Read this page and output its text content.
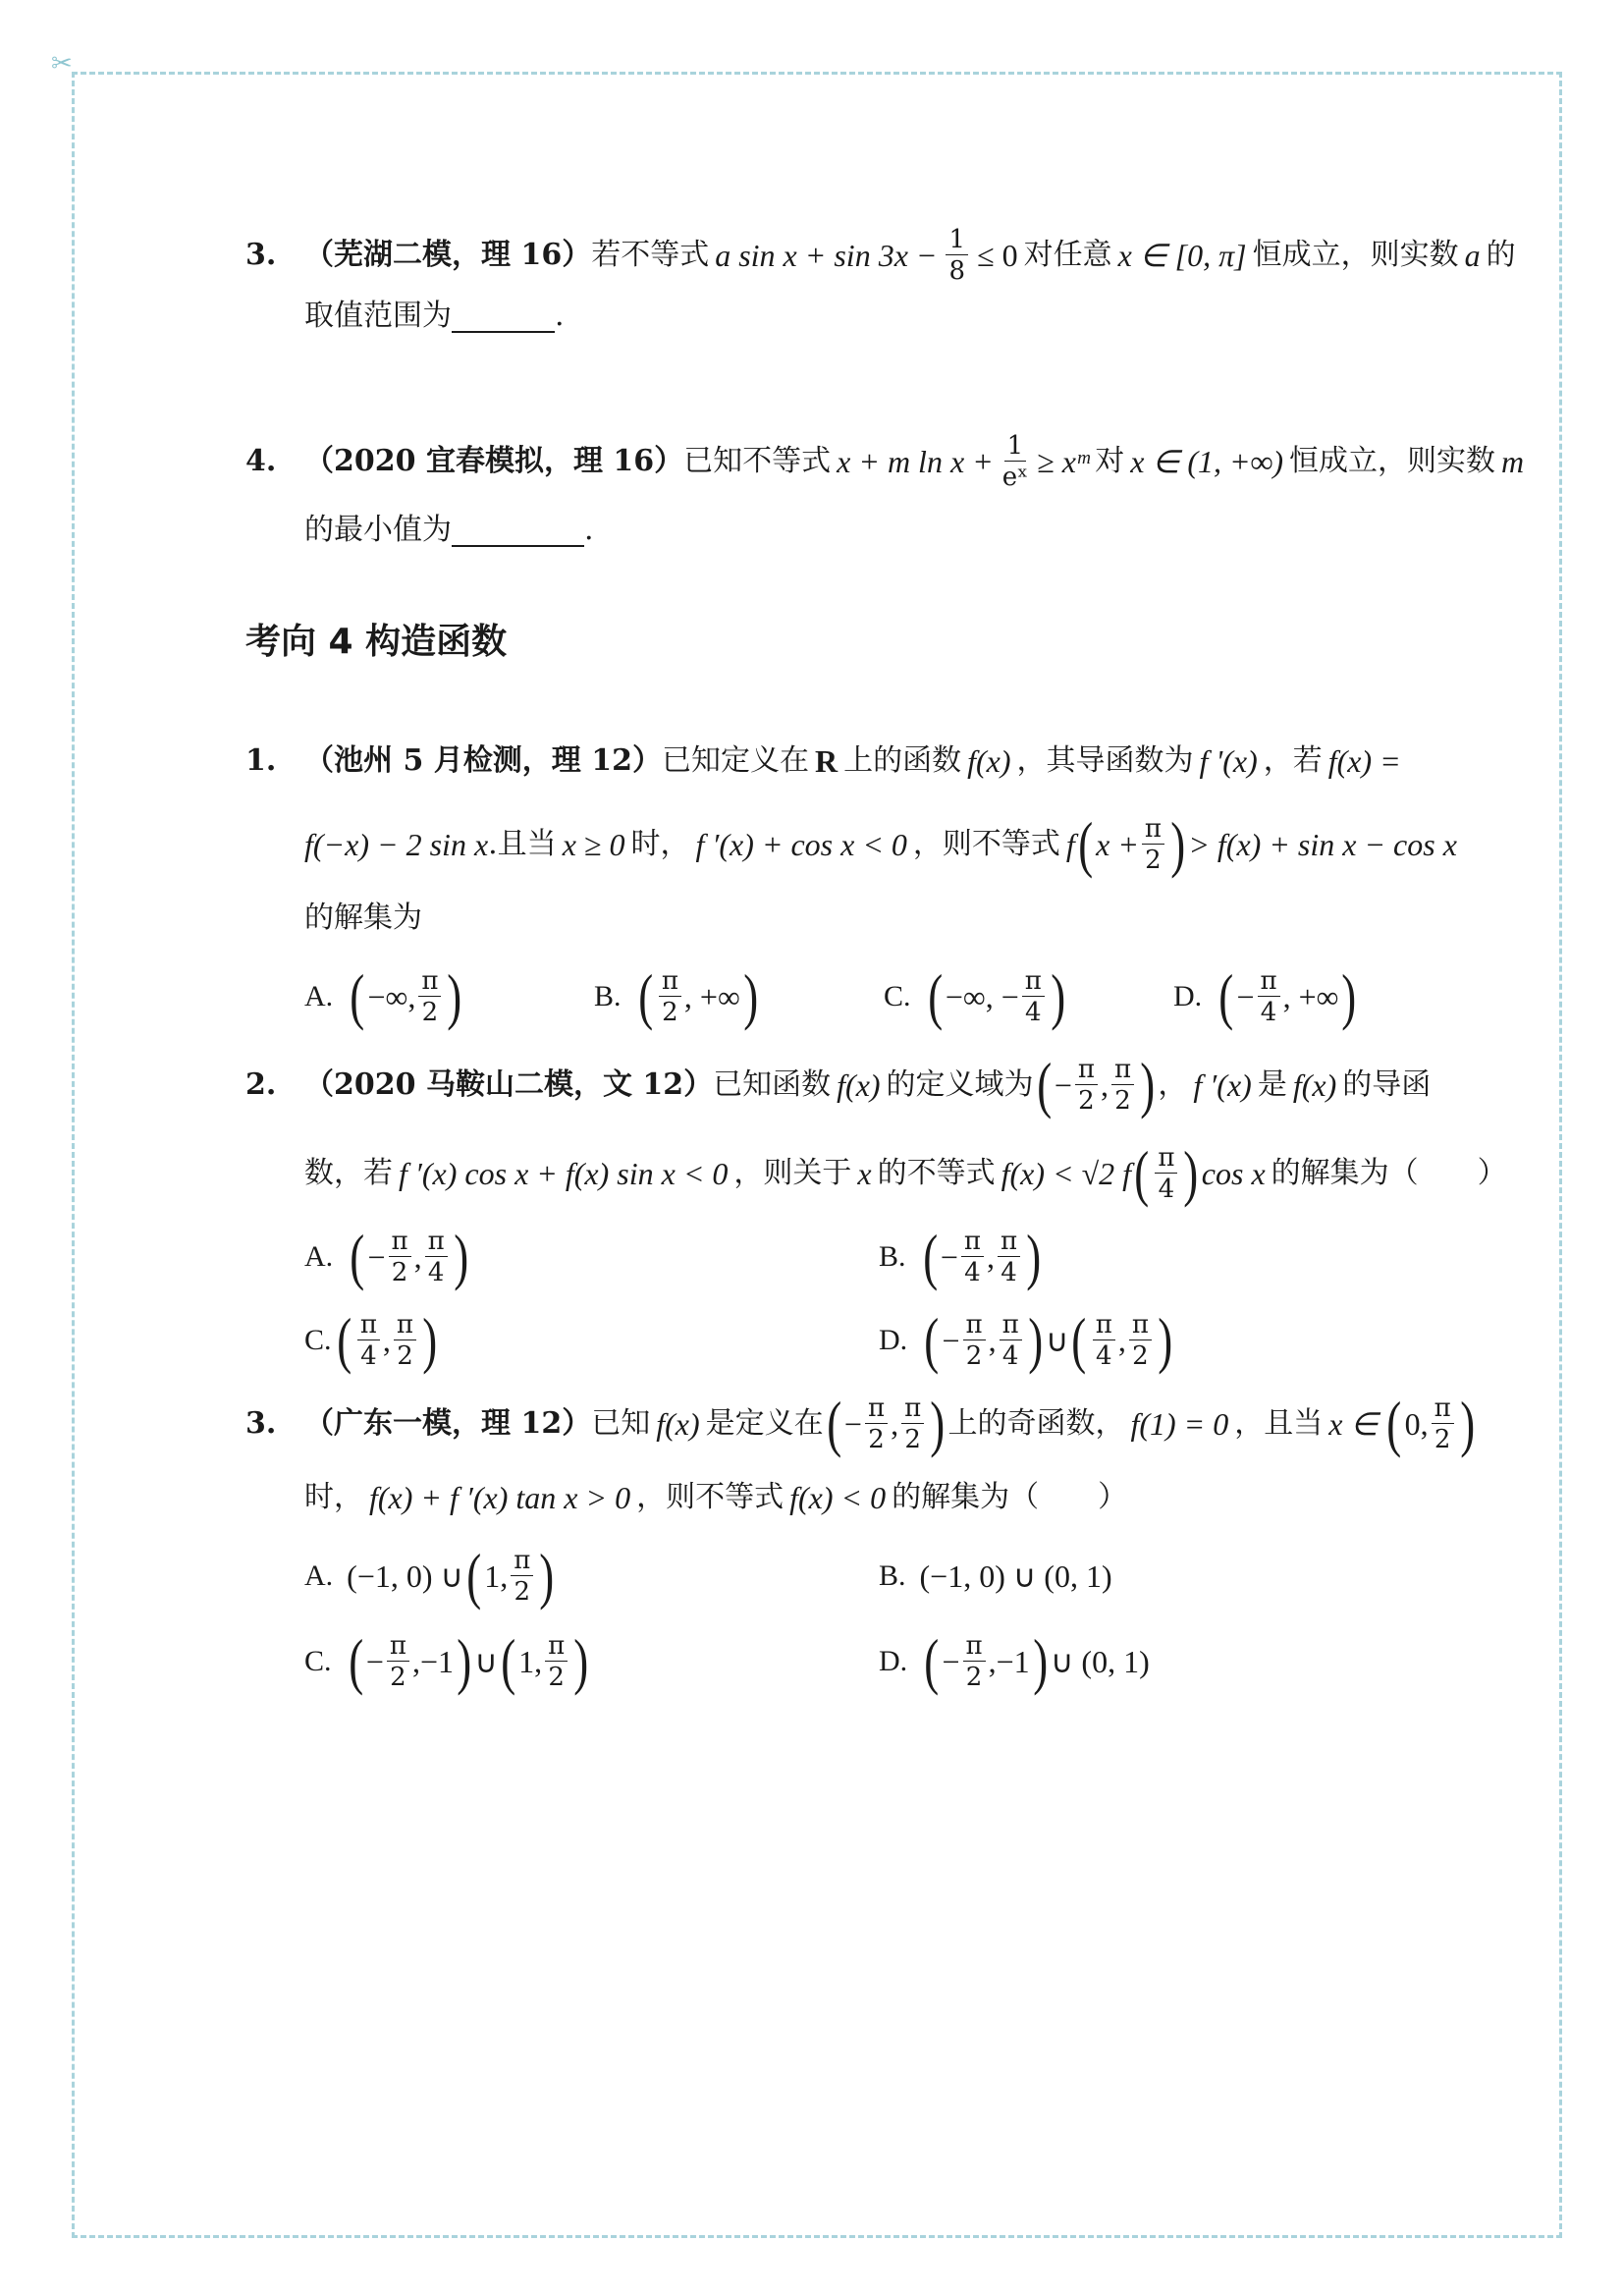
✂
3. （芜湖二模，理 16） 若不等式 a $\sin x + \sin 3x - \frac{1}{8} \le 0$ 对任意 x ∈ [0, π] 恒成立，则实数 a 的
取值范围为	.
4. （2020 宜春模拟，理 16） 已知不等式 x + m $\ln x + \frac{1}{\text{eˣ}}$ ≥ xᵐ 对 x ∈ (1, +∞) 恒成立，则实数 m
的最小值为	.
考向 4 构造函数
1. （池州 5 月检测，理 12） 已知定义在 R 上的函数 f(x) ，其导函数为 f '(x) ，若 f(x) =
f(−x) − 2 sin x .且当 x ≥ 0 时， f ′(x) + cos x < 0 ，则不等式 f ( $x + \frac{\pi}{2}$ ) > f(x) + sin x − cos x
的解集为
A. ( −∞, $\frac{\pi}{2}$ )	B. ( $\frac{\pi}{2}$ , +∞ )	C. ( −∞, − $\frac{\pi}{4}$ )	D. ( − $\frac{\pi}{4}$ , +∞ )
2. （2020 马鞍山二模，文 12） 已知函数 f(x) 的定义域为 ( − $\frac{\pi}{2}$ , $\frac{\pi}{2}$ ) ， f ′(x) 是 f(x) 的导函
数，若 f ′(x) cos x + f(x) sin x < 0 ，则关于 x 的不等式 f(x) < √2 f ( $\frac{\pi}{4}$ ) cos x 的解集为（　　）
A. ( − $\frac{\pi}{2}$ , $\frac{\pi}{4}$ )	B. ( − $\frac{\pi}{4}$ , $\frac{\pi}{4}$ )
C. ( $\frac{\pi}{4}$ , $\frac{\pi}{2}$ )	D. ( − $\frac{\pi}{2}$ , $\frac{\pi}{4}$ ) ∪ ( $\frac{\pi}{4}$ , $\frac{\pi}{2}$ )
3. （广东一模，理 12） 已知 f(x) 是定义在 ( − $\frac{\pi}{2}$ , $\frac{\pi}{2}$ ) 上的奇函数， f(1) = 0 ，且当 x ∈ ( 0, $\frac{\pi}{2}$ )
时， f(x) + f ′(x) tan x > 0 ，则不等式 f(x) < 0 的解集为（　　）
A. (−1, 0) ∪ ( 1, $\frac{\pi}{2}$ )	B. (−1, 0) ∪ (0, 1)
C. ( − $\frac{\pi}{2}$ , −1 ) ∪ ( 1, $\frac{\pi}{2}$ )	D. ( − $\frac{\pi}{2}$ , −1 ) ∪ (0, 1)
